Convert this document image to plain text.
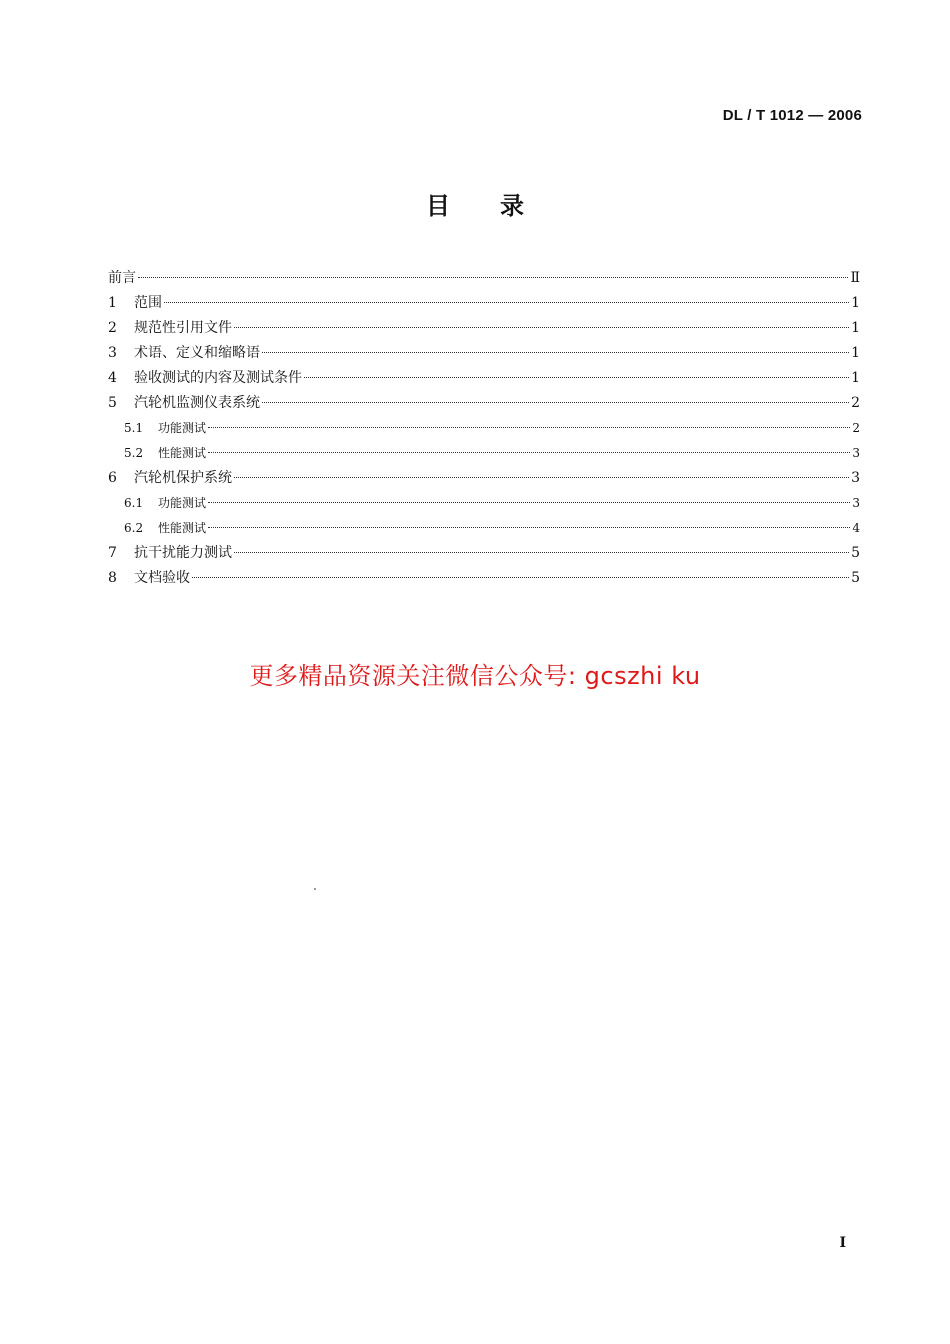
DL / T 1012 — 2006
目 录
前言	Ⅱ
1	范围	1
2	规范性引用文件	1
3	术语、定义和缩略语	1
4	验收测试的内容及测试条件	1
5	汽轮机监测仪表系统	2
5.1	功能测试	2
5.2	性能测试	3
6	汽轮机保护系统	3
6.1	功能测试	3
6.2	性能测试	4
7	抗干扰能力测试	5
8	文档验收	5
更多精品资源关注微信公众号: gcszhi ku
I
